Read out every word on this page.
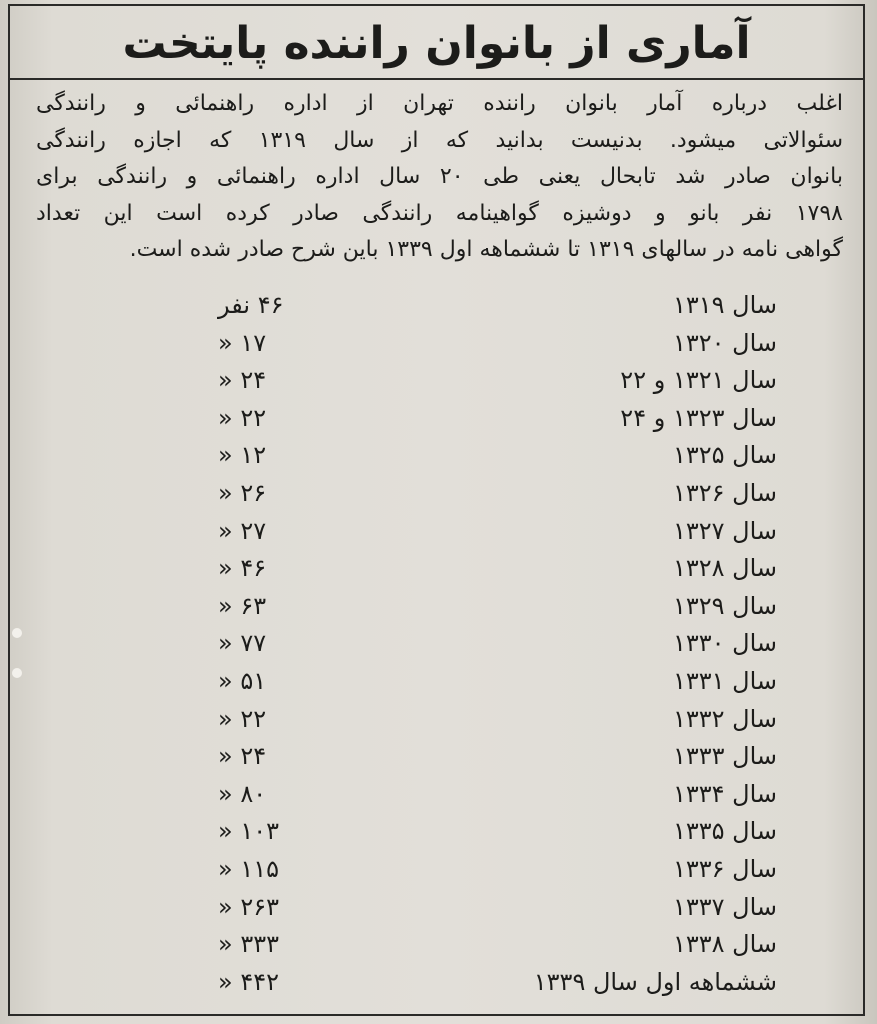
آماری از بانوان راننده پایتخت
اغلب درباره آمار بانوان راننده تهران از اداره راهنمائی و رانندگی
سئوالاتی میشود. بدنیست بدانید که از سال ۱۳۱۹ که اجازه رانندگی
بانوان صادر شد تابحال یعنی طی ۲۰ سال اداره راهنمائی و رانندگی برای
۱۷۹۸ نفر بانو و دوشیزه گواهینامه رانندگی صادر کرده است این تعداد
گواهی نامه در سالهای ۱۳۱۹ تا ششماهه اول ۱۳۳۹ باین شرح صادر شده است.
سال ۱۳۱۹
۴۶ نفر
سال ۱۳۲۰
۱۷ «
سال ۱۳۲۱ و ۲۲
۲۴ «
سال ۱۳۲۳ و ۲۴
۲۲ «
سال ۱۳۲۵
۱۲ «
سال ۱۳۲۶
۲۶ «
سال ۱۳۲۷
۲۷ «
سال ۱۳۲۸
۴۶ «
سال ۱۳۲۹
۶۳ «
سال ۱۳۳۰
۷۷ «
سال ۱۳۳۱
۵۱ «
سال ۱۳۳۲
۲۲ «
سال ۱۳۳۳
۲۴ «
سال ۱۳۳۴
۸۰ «
سال ۱۳۳۵
۱۰۳ «
سال ۱۳۳۶
۱۱۵ «
سال ۱۳۳۷
۲۶۳ «
سال ۱۳۳۸
۳۳۳ «
ششماهه اول سال ۱۳۳۹
۴۴۲ «
